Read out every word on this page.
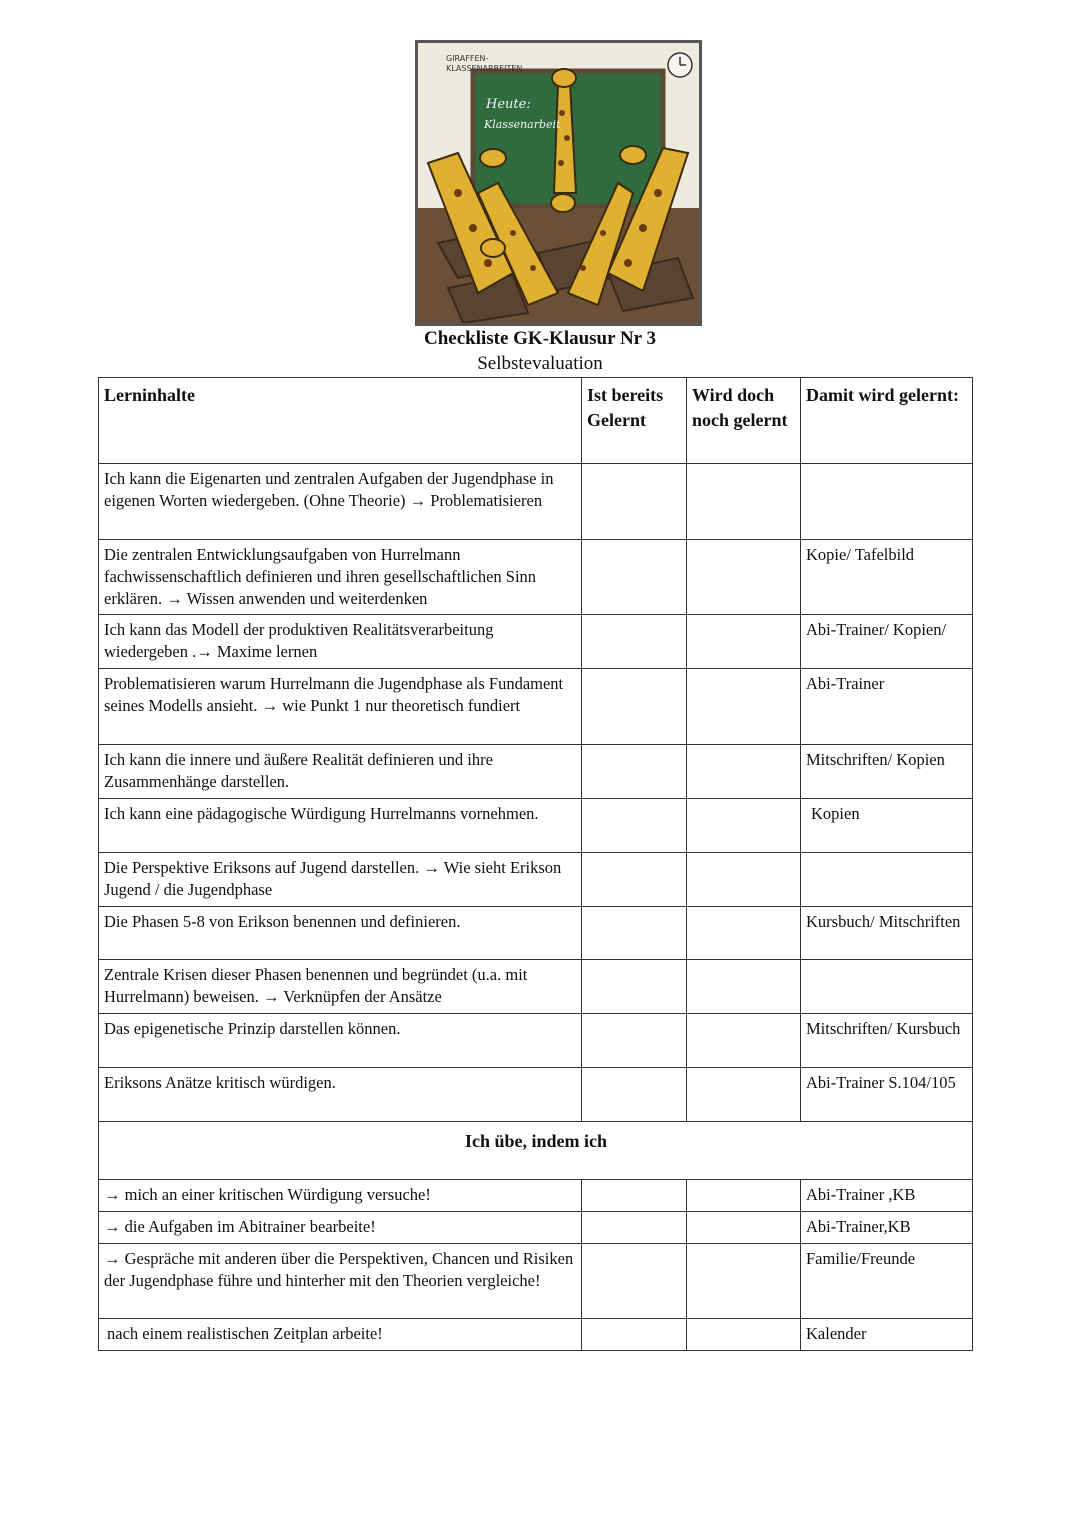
GIRAFFEN-
KLASSENARBEITEN.
Heute:
Klassenarbeit
Checkliste GK-Klausur Nr 3
Selbstevaluation
Lerninhalte	Ist bereits Gelernt	Wird doch noch gelernt	Damit wird gelernt:
Ich kann die Eigenarten und zentralen Aufgaben der Jugendphase in eigenen Worten wiedergeben. (Ohne Theorie) → Problematisieren			
Die zentralen Entwicklungsaufgaben von Hurrelmann fachwissenschaftlich definieren und ihren gesellschaftlichen Sinn erklären. → Wissen anwenden und weiterdenken			Kopie/ Tafelbild
Ich kann das Modell der produktiven Realitätsverarbeitung wiedergeben .→ Maxime lernen			Abi-Trainer/ Kopien/
Problematisieren warum Hurrelmann die Jugendphase als Fundament seines Modells ansieht. → wie Punkt 1 nur theoretisch fundiert			Abi-Trainer
Ich kann die innere und äußere Realität definieren und ihre Zusammenhänge darstellen.			Mitschriften/ Kopien
Ich kann eine pädagogische Würdigung Hurrelmanns vornehmen.			Kopien
Die Perspektive Eriksons auf Jugend darstellen. → Wie sieht Erikson Jugend / die Jugendphase			
Die Phasen 5-8 von Erikson benennen und definieren.			Kursbuch/ Mitschriften
Zentrale Krisen dieser Phasen benennen und begründet (u.a. mit Hurrelmann) beweisen. → Verknüpfen der Ansätze			
Das epigenetische Prinzip darstellen können.			Mitschriften/ Kursbuch
Eriksons Anätze kritisch würdigen.			Abi-Trainer S.104/105
Ich übe, indem ich			
→ mich an einer kritischen Würdigung versuche!			Abi-Trainer ,KB
→ die Aufgaben im Abitrainer bearbeite!			Abi-Trainer,KB
→ Gespräche mit anderen über die Perspektiven, Chancen und Risiken der Jugendphase führe und hinterher mit den Theorien vergleiche!			Familie/Freunde
nach einem realistischen Zeitplan arbeite!			Kalender
